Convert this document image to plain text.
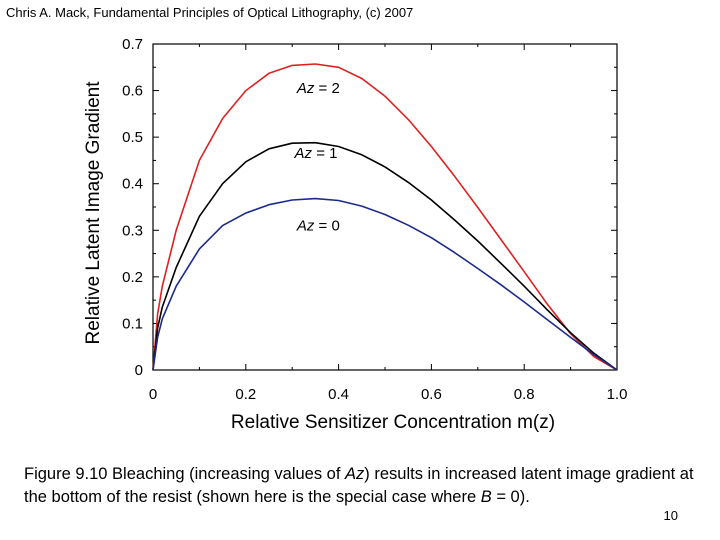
Chris A. Mack, Fundamental Principles of Optical Lithography, (c) 2007
0	0.2	0.4	0.6	0.8	1.0
0
0.1
0.2
0.3
0.4
0.5
0.6
0.7
Relative Sensitizer Concentration m(z)
Relative Latent Image Gradient	Az = 2
Az = 1
Az = 0
Figure 9.10 Bleaching (increasing values of Az) results in increased latent image gradient at the bottom of the resist (shown here is the special case where B = 0).
10
